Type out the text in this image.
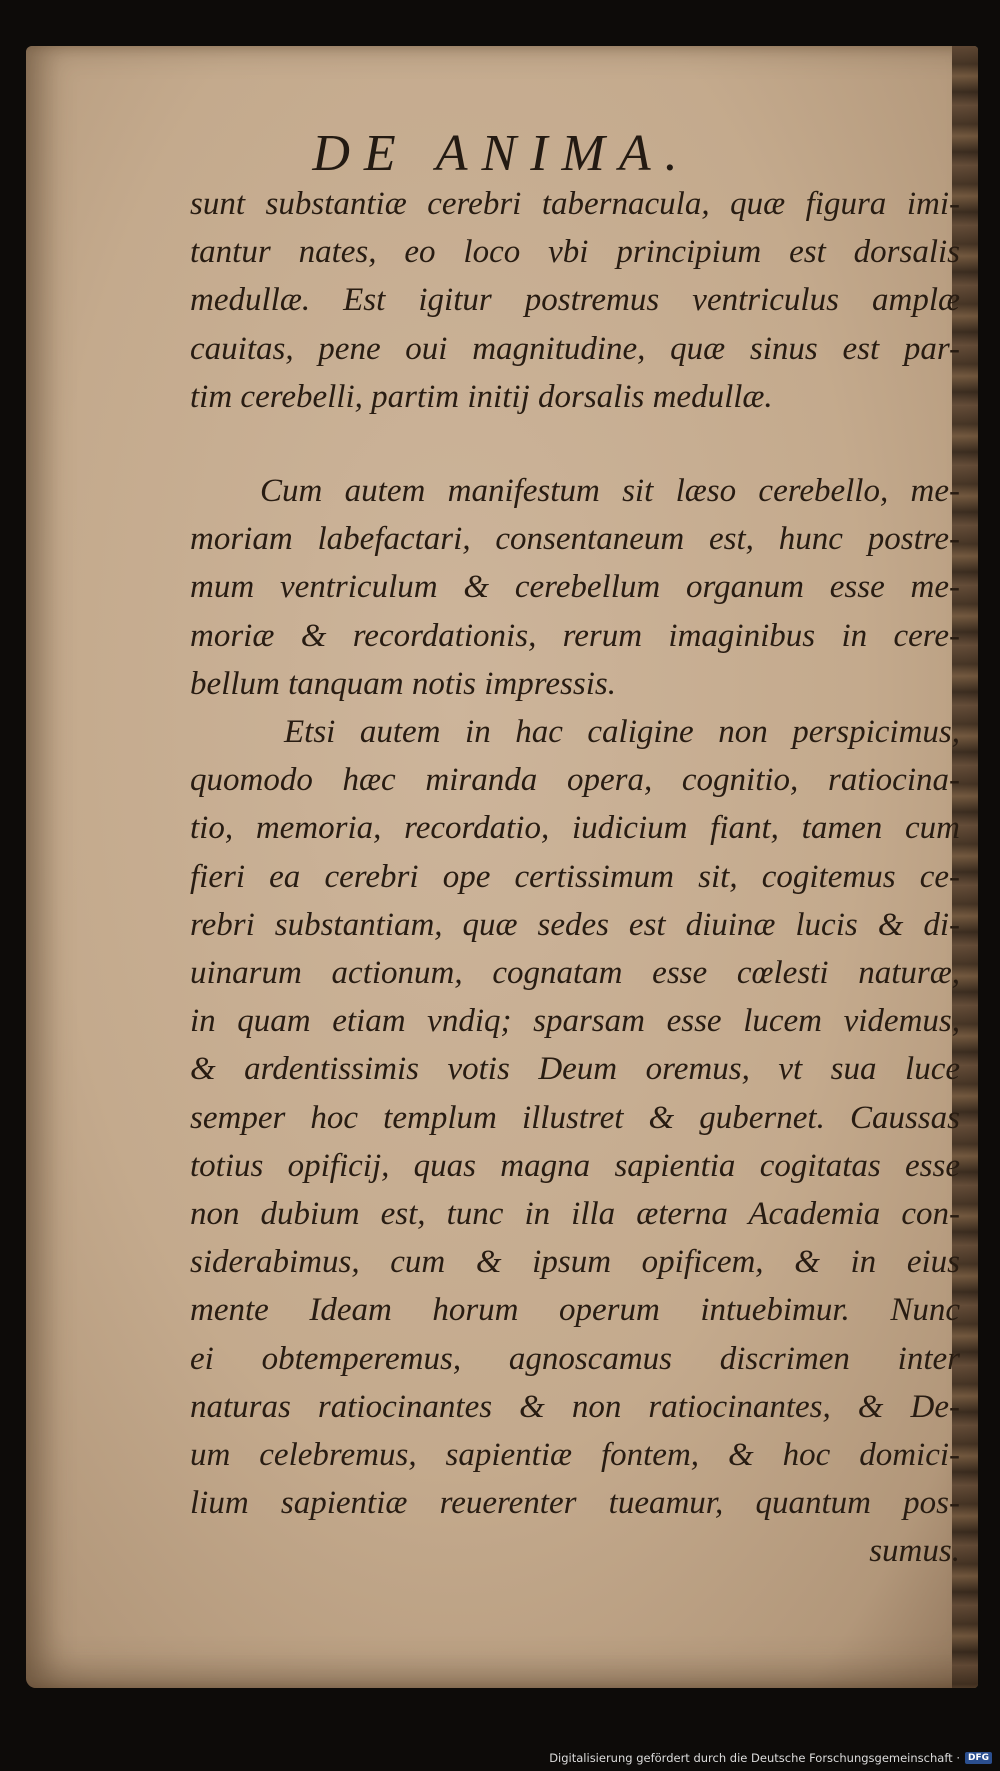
DE ANIMA.
sunt substantiæ cerebri tabernacula, quæ figura imi-
tantur nates, eo loco vbi principium est dorsalis
medullæ. Est igitur postremus ventriculus amplæ
cauitas, pene oui magnitudine, quæ sinus est par-
tim cerebelli, partim initij dorsalis medullæ.
Cum autem manifestum sit læso cerebello, me-
moriam labefactari, consentaneum est, hunc postre-
mum ventriculum & cerebellum organum esse me-
moriæ & recordationis, rerum imaginibus in cere-
bellum tanquam notis impressis.
Etsi autem in hac caligine non perspicimus,
quomodo hæc miranda opera, cognitio, ratiocina-
tio, memoria, recordatio, iudicium fiant, tamen cum
fieri ea cerebri ope certissimum sit, cogitemus ce-
rebri substantiam, quæ sedes est diuinæ lucis & di-
uinarum actionum, cognatam esse cœlesti naturæ,
in quam etiam vndiq; sparsam esse lucem videmus,
& ardentissimis votis Deum oremus, vt sua luce
semper hoc templum illustret & gubernet. Caussas
totius opificij, quas magna sapientia cogitatas esse
non dubium est, tunc in illa æterna Academia con-
siderabimus, cum & ipsum opificem, & in eius
mente Ideam horum operum intuebimur. Nunc
ei obtemperemus, agnoscamus discrimen inter
naturas ratiocinantes & non ratiocinantes, & De-
um celebremus, sapientiæ fontem, & hoc domici-
lium sapientiæ reuerenter tueamur, quantum pos-
sumus.
Digitalisierung gefördert durch die Deutsche Forschungsgemeinschaft · DFG
